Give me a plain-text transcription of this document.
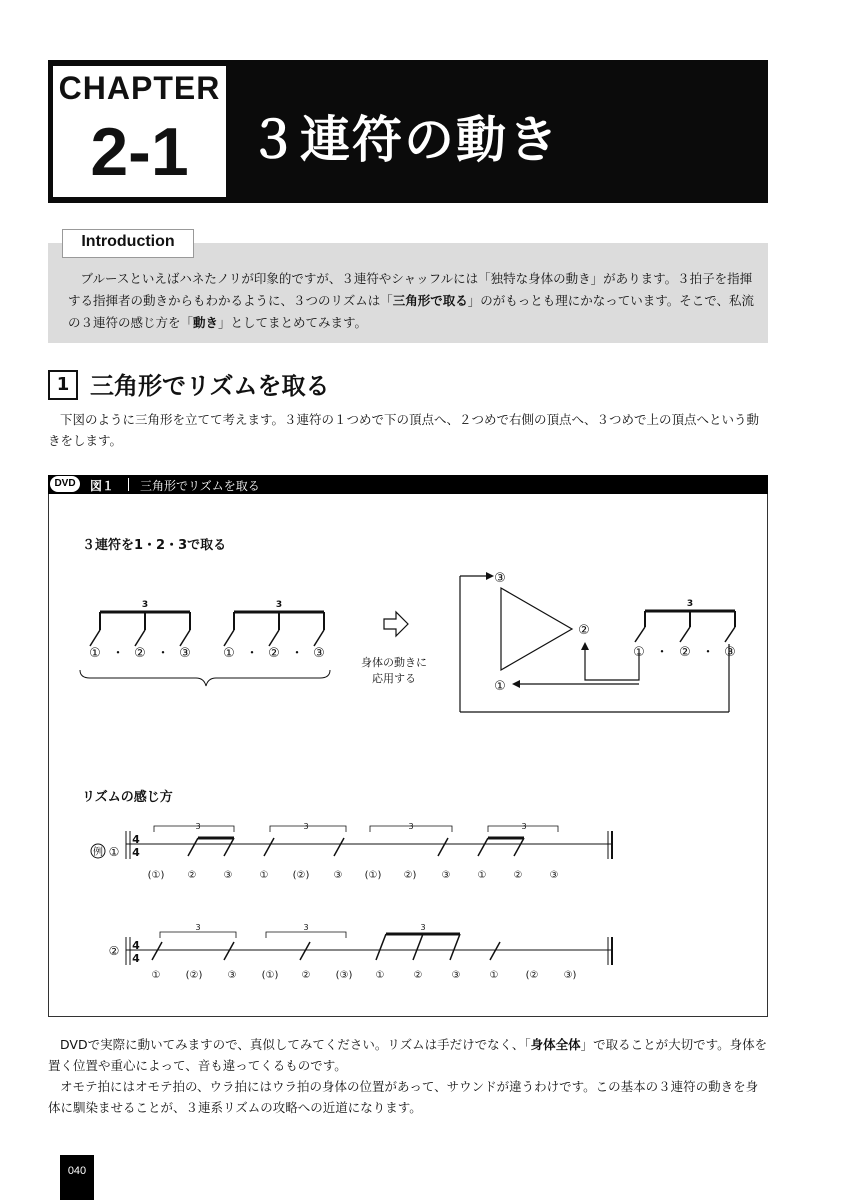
CHAPTER
2-1	３連符の動き
Introduction
　ブルースといえばハネたノリが印象的ですが、３連符やシャッフルには「独特な身体の動き」があります。３拍子を指揮する指揮者の動きからもわかるように、３つのリズムは「三角形で取る」のがもっとも理にかなっています。そこで、私流の３連符の感じ方を「動き」としてまとめてみます。
1 三角形でリズムを取る
下図のように三角形を立てて考えます。３連符の１つめで下の頂点へ、２つめで右側の頂点へ、３つめで上の頂点へという動きをします。
DVD	図１ 三角形でリズムを取る
３連符を1・2・3で取る
3
① ・ ② ・ ③
3
① ・ ② ・ ③
身体の動きに
応用する
③
②
①
3
① ・ ② ・ ③
リズムの感じ方
3	3	3	3
4
4
例 ①
(①) ②	③	① (②) ③ (①) ②)	③	①	②	③
3	3	3
4
4
②
①	(②)	③	(①) ②	(③) ①	②	③	①	(②	③)

DVDで実際に動いてみますので、真似してみてください。リズムは手だけでなく、「身体全体」で取ることが大切です。身体を置く位置や重心によって、音も違ってくるものです。

オモテ拍にはオモテ拍の、ウラ拍にはウラ拍の身体の位置があって、サウンドが違うわけです。この基本の３連符の動きを身体に馴染ませることが、３連系リズムの攻略への近道になります。

040
